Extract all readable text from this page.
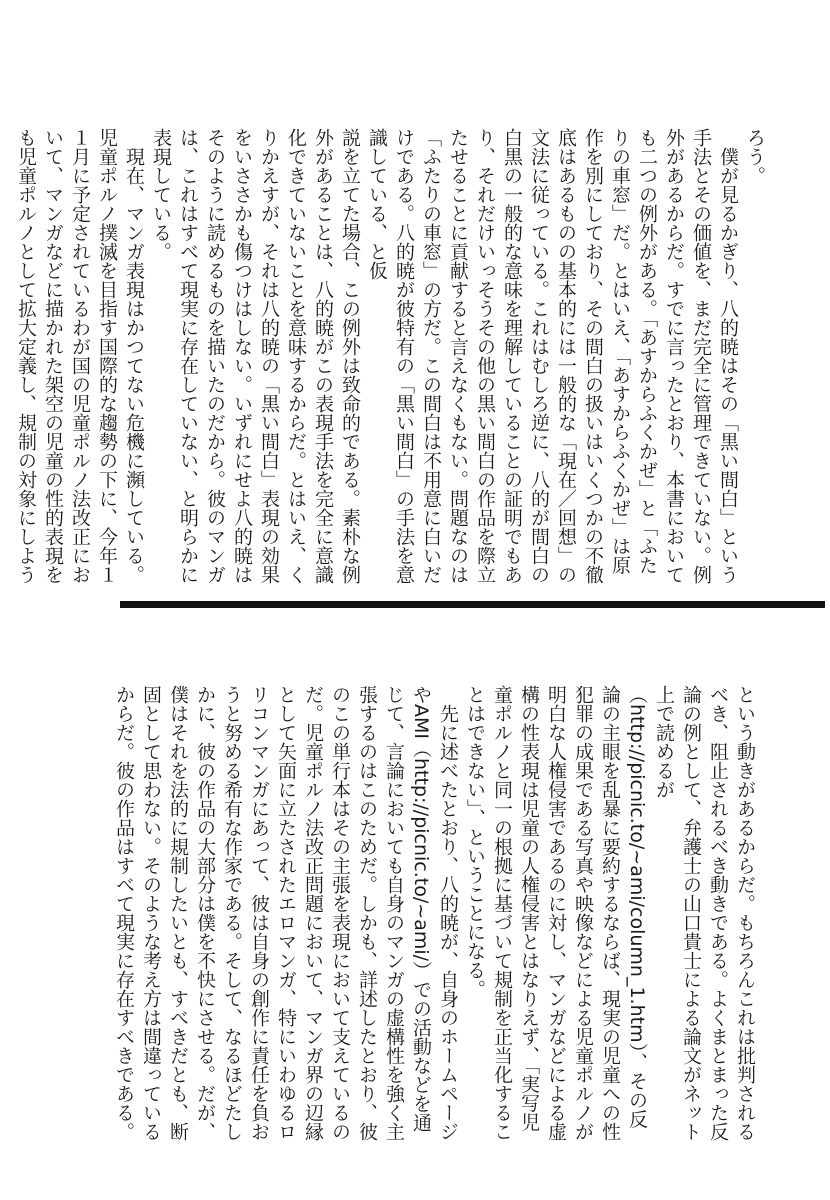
ろう。
　僕が見るかぎり、八的暁はその「黒い間白」という
手法とその価値を、まだ完全に管理できていない。例
外があるからだ。すでに言ったとおり、本書において
も二つの例外がある。「あすからふくかぜ」と「ふた
りの車窓」だ。とはいえ、「あすからふくかぜ」は原
作を別にしており、その間白の扱いはいくつかの不徹
底はあるものの基本的には一般的な「現在／回想」の
文法に従っている。これはむしろ逆に、八的が間白の
白黒の一般的な意味を理解していることの証明でもあ
り、それだけいっそうその他の黒い間白の作品を際立
たせることに貢献すると言えなくもない。問題なのは
「ふたりの車窓」の方だ。この間白は不用意に白いだ
けである。八的暁が彼特有の「黒い間白」の手法を意
識している、と仮
説を立てた場合、この例外は致命的である。素朴な例
外があることは、八的暁がこの表現手法を完全に意識
化できていないことを意味するからだ。とはいえ、く
りかえすが、それは八的暁の「黒い間白」表現の効果
をいささかも傷つけはしない。いずれにせよ八的暁は
そのように読めるものを描いたのだから。彼のマンガ
は、これはすべて現実に存在していない、と明らかに
表現している。
　現在、マンガ表現はかつてない危機に瀕している。
児童ポルノ撲滅を目指す国際的な趨勢の下に、今年１
１月に予定されているわが国の児童ポルノ法改正にお
いて、マンガなどに描かれた架空の児童の性的表現を
も児童ポルノとして拡大定義し、規制の対象にしよう
という動きがあるからだ。もちろんこれは批判される
べき、阻止されるべき動きである。よくまとまった反
論の例として、弁護士の山口貴士による論文がネット
上で読めるが
（http://picnic.to/~ami/column_1.htm）、その反
論の主眼を乱暴に要約するならば、現実の児童への性
犯罪の成果である写真や映像などによる児童ポルノが
明白な人権侵害であるのに対し、マンガなどによる虚
構の性表現は児童の人権侵害とはなりえず、「実写児
童ポルノと同一の根拠に基づいて規制を正当化するこ
とはできない」、ということになる。
　先に述べたとおり、八的暁が、自身のホームページ
やAMI（http://picnic.to/~ami/）での活動などを通
じて、言論においても自身のマンガの虚構性を強く主
張するのはこのためだ。しかも、詳述したとおり、彼
のこの単行本はその主張を表現において支えているの
だ。児童ポルノ法改正問題において、マンガ界の辺縁
として矢面に立たされたエロマンガ、特にいわゆるロ
リコンマンガにあって、彼は自身の創作に責任を負お
うと努める希有な作家である。そして、なるほどたし
かに、彼の作品の大部分は僕を不快にさせる。だが、
僕はそれを法的に規制したいとも、すべきだとも、断
固として思わない。そのような考え方は間違っている
からだ。彼の作品はすべて現実に存在すべきである。
